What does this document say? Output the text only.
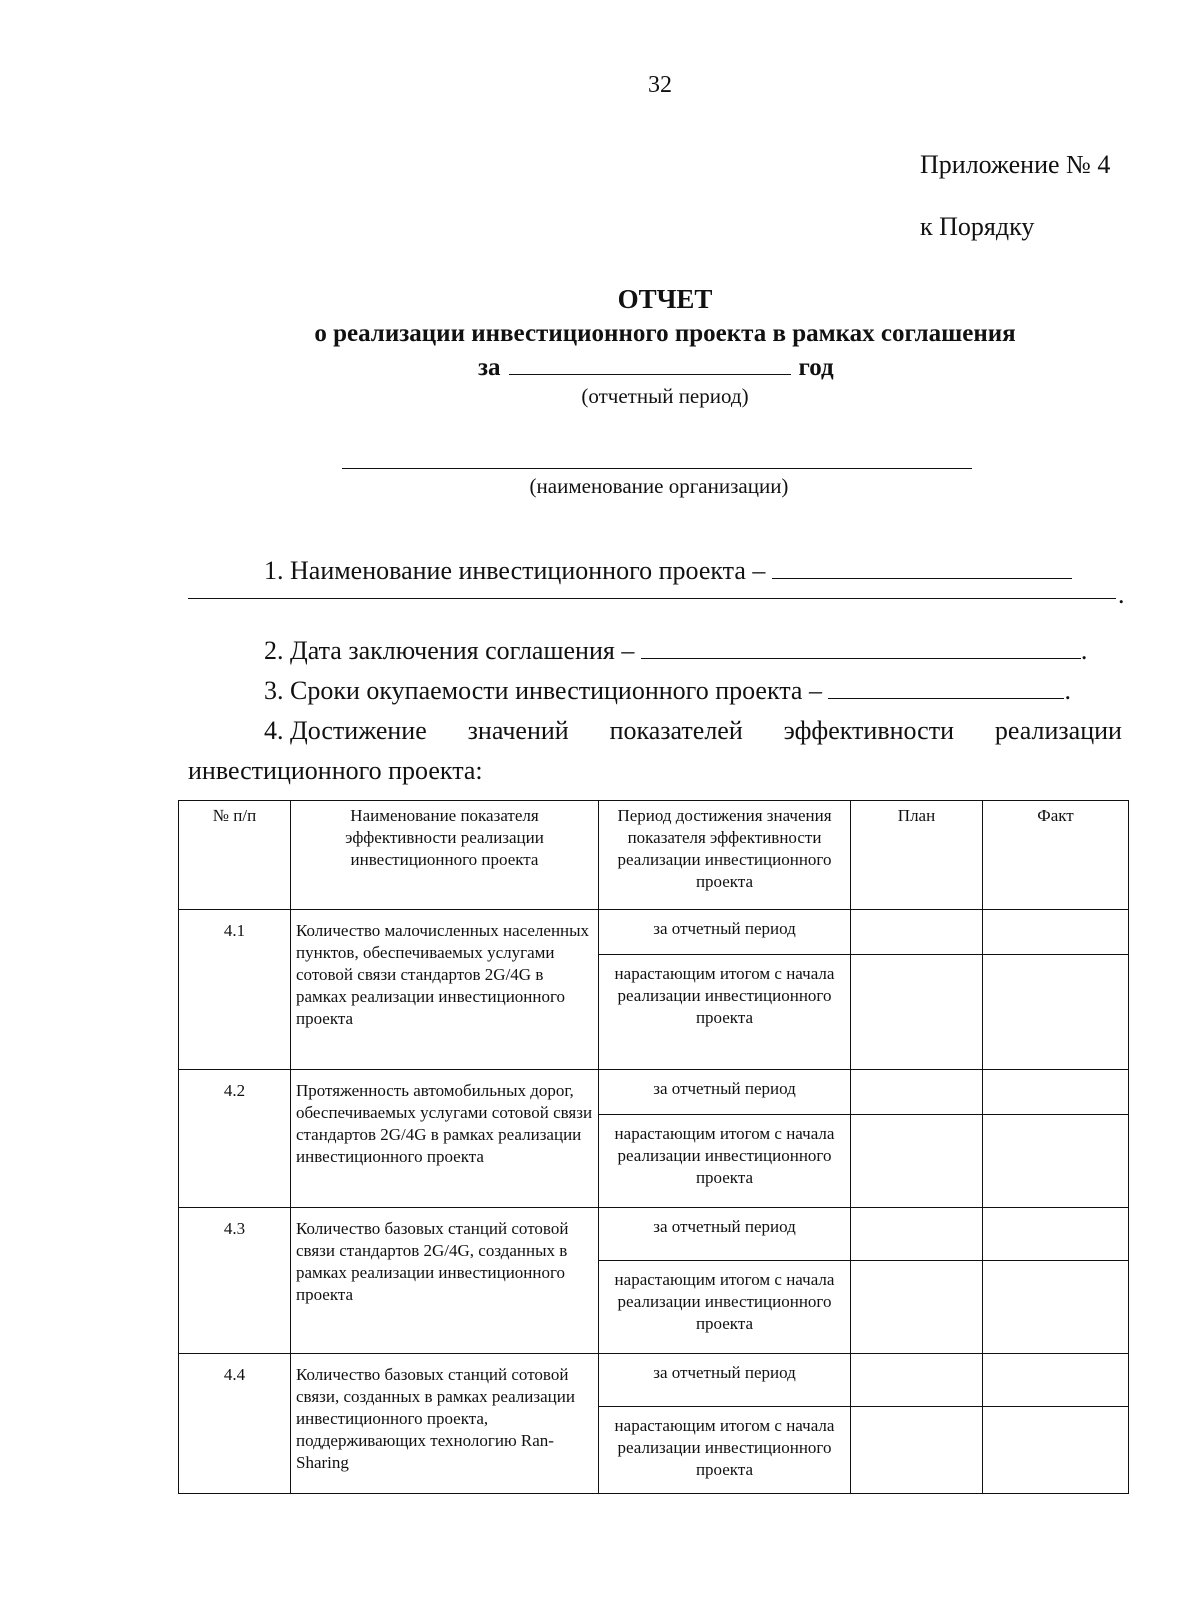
32
Приложение № 4
к Порядку
ОТЧЕТ
о реализации инвестиционного проекта в рамках соглашения
за	год
(отчетный период)
(наименование организации)
1. Наименование инвестиционного проекта –
.
2. Дата заключения соглашения –	.
3. Сроки окупаемости инвестиционного проекта –	.
4. Достижение значений показателей эффективности реализации
инвестиционного проекта:
№ п/п	Наименование показателя эффективности реализации инвестиционного проекта	Период достижения значения показателя эффективности реализации инвестиционного проекта	План	Факт
4.1	Количество малочисленных населенных пунктов, обеспечиваемых услугами сотовой связи стандартов 2G/4G в рамках реализации инвестиционного проекта	за отчетный период		
		нарастающим итогом с начала реализации инвестиционного проекта		
4.2	Протяженность автомобильных дорог, обеспечиваемых услугами сотовой связи стандартов 2G/4G в рамках реализации инвестиционного проекта	за отчетный период		
		нарастающим итогом с начала реализации инвестиционного проекта		
4.3	Количество базовых станций сотовой связи стандартов 2G/4G, созданных в рамках реализации инвестиционного проекта	за отчетный период		
		нарастающим итогом с начала реализации инвестиционного проекта		
4.4	Количество базовых станций сотовой связи, созданных в рамках реализации инвестиционного проекта, поддерживающих технологию Ran-Sharing	за отчетный период		
		нарастающим итогом с начала реализации инвестиционного проекта		
